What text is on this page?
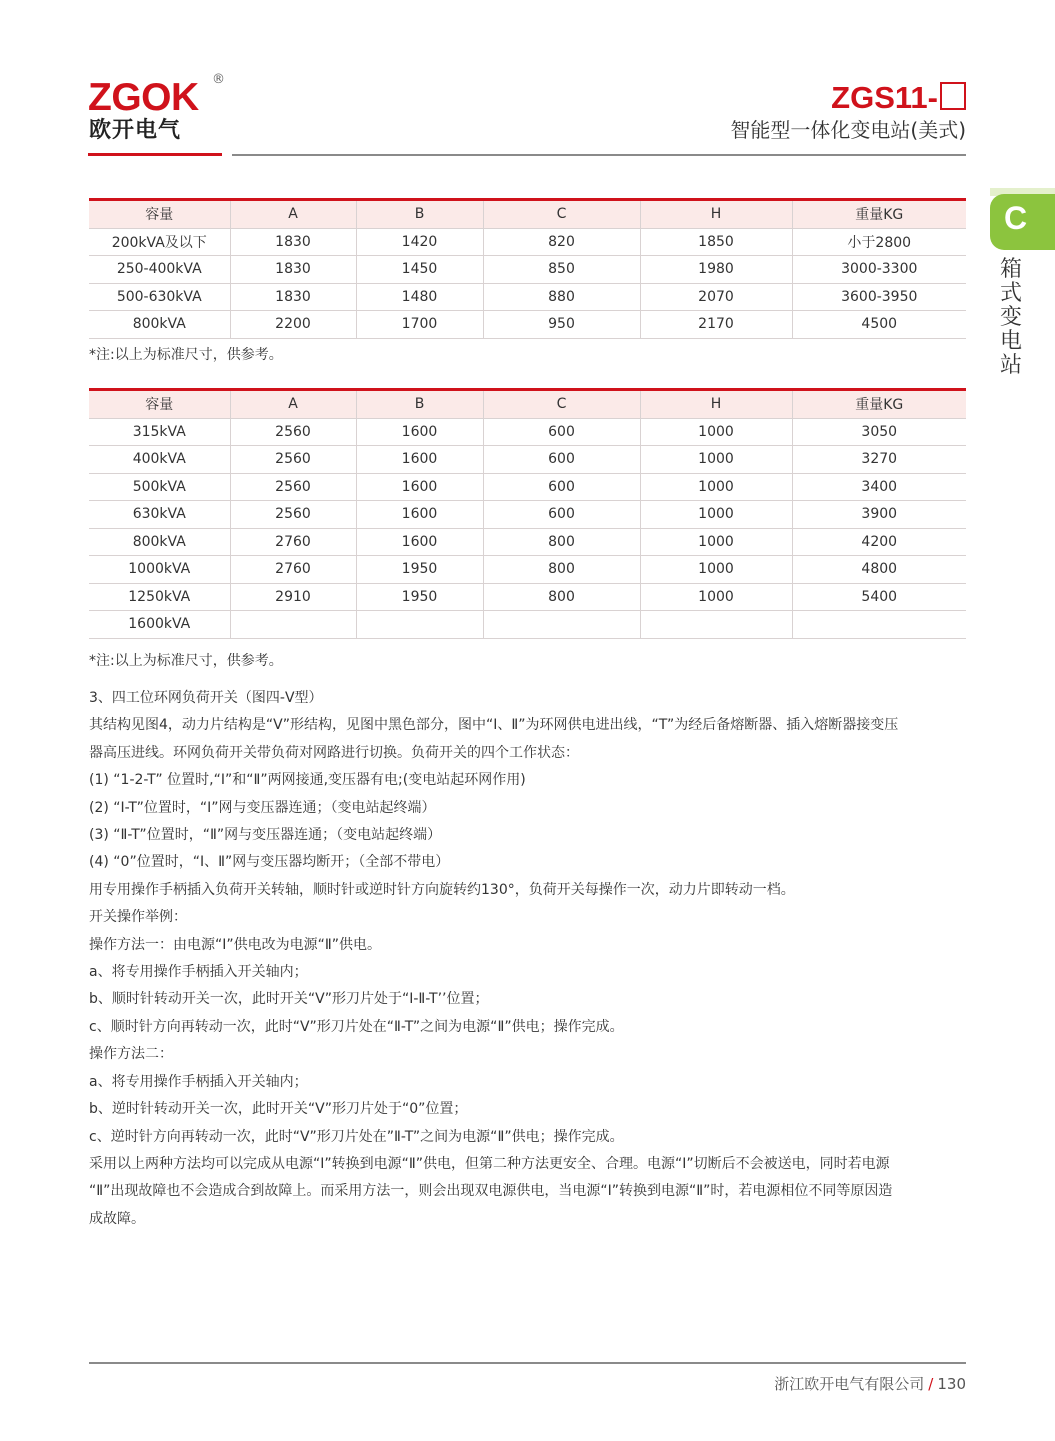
ZGOK	®
欧开电气
ZGS11-
智能型一体化变电站(美式)
C
箱
式
变
电
站
容量	A	B	C	H	重量KG
200kVA及以下	1830	1420	820	1850	小于2800
250-400kVA	1830	1450	850	1980	3000-3300
500-630kVA	1830	1480	880	2070	3600-3950
800kVA	2200	1700	950	2170	4500
*注:以上为标准尺寸，供参考。
容量	A	B	C	H	重量KG
315kVA	2560	1600	600	1000	3050
400kVA	2560	1600	600	1000	3270
500kVA	2560	1600	600	1000	3400
630kVA	2560	1600	600	1000	3900
800kVA	2760	1600	800	1000	4200
1000kVA	2760	1950	800	1000	4800
1250kVA	2910	1950	800	1000	5400
1600kVA					
*注:以上为标准尺寸，供参考。

3、四工位环网负荷开关（图四-V型）

其结构见图4，动力片结构是“V”形结构，见图中黑色部分，图中“Ⅰ、Ⅱ”为环网供电进出线，“T”为经后备熔断器、插入熔断器接变压

器高压进线。环网负荷开关带负荷对网路进行切换。负荷开关的四个工作状态：

(1) “1-2-T” 位置时,“Ⅰ”和“Ⅱ”两网接通,变压器有电;(变电站起环网作用)

(2) “Ⅰ-T”位置时，“Ⅰ”网与变压器连通；（变电站起终端）

(3) “Ⅱ-T”位置时，“Ⅱ”网与变压器连通；（变电站起终端）

(4) “0”位置时，“Ⅰ、Ⅱ”网与变压器均断开；（全部不带电）

用专用操作手柄插入负荷开关转轴，顺时针或逆时针方向旋转约130°，负荷开关每操作一次，动力片即转动一档。

开关操作举例：

操作方法一：由电源“Ⅰ”供电改为电源“Ⅱ”供电。

a、将专用操作手柄插入开关轴内；

b、顺时针转动开关一次，此时开关“V”形刀片处于“Ⅰ-Ⅱ-T’’位置；

c、顺时针方向再转动一次，此时“V”形刀片处在“Ⅱ-T”之间为电源“Ⅱ”供电；操作完成。

操作方法二：

a、将专用操作手柄插入开关轴内；

b、逆时针转动开关一次，此时开关“V”形刀片处于“0”位置；

c、逆时针方向再转动一次，此时“V”形刀片处在”Ⅱ-T”之间为电源“Ⅱ”供电；操作完成。

采用以上两种方法均可以完成从电源“Ⅰ”转换到电源“Ⅱ”供电，但第二种方法更安全、合理。电源“Ⅰ”切断后不会被送电，同时若电源

“Ⅱ”出现故障也不会造成合到故障上。而采用方法一，则会出现双电源供电，当电源“Ⅰ”转换到电源“Ⅱ”时，若电源相位不同等原因造

成故障。

浙江欧开电气有限公司 / 130
